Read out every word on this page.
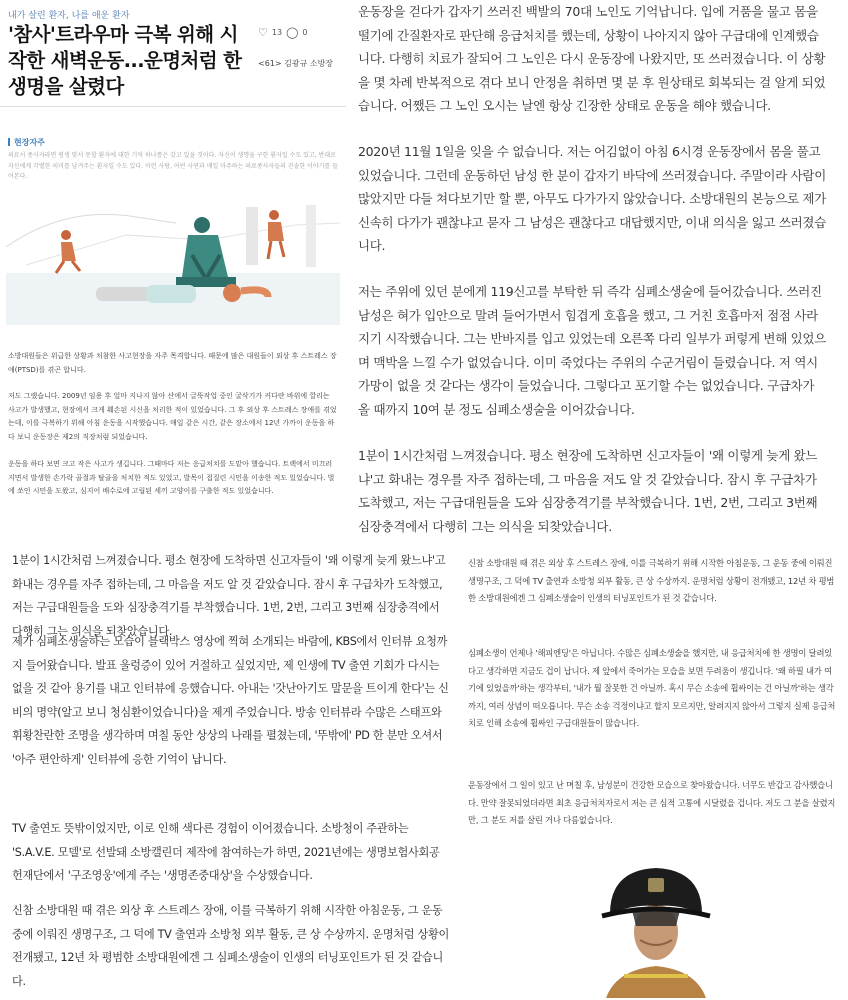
내가 살린 환자, 나를 애운 환자
'참사'트라우마 극복 위해 시작한 새벽운동...운명처럼 한 생명을 살렸다
♡ 13 ◯ 0
<61> 김광규 소방장
현장자주

의료서 종사자라면 평생 맞서 못할 환자에 대한 기억 하나쯤은 갖고 있을 것이다. 자신이 생명을 구한 환자일 수도 있고, 반대로 자신에게 각별한 의미를 남겨주는 환자일 수도 있다. 이런 사람, 어떤 사연과 매일 마주하는 의료종사자들의 진솔한 이야기를 들어본다.

소방대원들은 위급한 상황과 처참한 사고현장을 자주 목격합니다. 때문에 많은 대원들이 외상 후 스트레스 장애(PTSD)를 겪곤 합니다.

저도 그랬습니다. 2009년 임용 후 얼마 지나지 않아 산에서 글뚝작업 중인 굴삭기가 커다란 바위에 깔리는 사고가 발생했고, 현장에서 크게 훼손된 시신을 처리한 적이 있었습니다. 그 후 외상 후 스트레스 장애를 겪었는데, 이를 극복하기 위해 아침 운동을 시작했습니다. 매일 같은 시간, 같은 장소에서 12년 가까이 운동을 하다 보니 운동장은 제2의 직장처럼 되었습니다.

운동을 하다 보면 크고 작은 사고가 생깁니다. 그때마다 저는 응급처치를 도맡아 했습니다. 트랙에서 미끄러지면서 발생한 손가락 골절과 탈골을 처치한 적도 있었고, 발목이 접질린 시민을 이송한 적도 있었습니다. 벌에 쏘인 시민을 도왔고, 심지어 배수로에 고립된 세끼 고양이를 구출한 적도 있었습니다.

운동장을 걷다가 갑자기 쓰러진 백발의 70대 노인도 기억납니다. 입에 거품을 물고 몸을 떨기에 간질환자로 판단해 응급처치를 했는데, 상황이 나아지지 않아 구급대에 인계했습니다. 다행히 치료가 잘되어 그 노인은 다시 운동장에 나왔지만, 또 쓰러졌습니다. 이 상황을 몇 차례 반복적으로 겪다 보니 안정을 취하면 몇 분 후 원상태로 회복되는 걸 알게 되었습니다. 어쨌든 그 노인 오시는 날엔 항상 긴장한 상태로 운동을 해야 했습니다.

2020년 11월 1일을 잊을 수 없습니다. 저는 어김없이 아침 6시경 운동장에서 몸을 풀고 있었습니다. 그런데 운동하던 남성 한 분이 갑자기 바닥에 쓰러졌습니다. 주말이라 사람이 많았지만 다들 쳐다보기만 할 뿐, 아무도 다가가지 않았습니다. 소방대원의 본능으로 제가 신속히 다가가 괜찮냐고 묻자 그 남성은 괜찮다고 대답했지만, 이내 의식을 잃고 쓰러졌습니다.

저는 주위에 있던 분에게 119신고를 부탁한 뒤 즉각 심폐소생술에 들어갔습니다. 쓰러진 남성은 혀가 입안으로 말려 들어가면서 힘겹게 호흡을 했고, 그 거친 호흡마저 점점 사라지기 시작했습니다. 그는 반바지를 입고 있었는데 오른쪽 다리 일부가 퍼렇게 변해 있었으며 맥박을 느낄 수가 없었습니다. 이미 죽었다는 주위의 수군거림이 들렸습니다. 저 역시 가망이 없을 것 같다는 생각이 들었습니다. 그렇다고 포기할 수는 없었습니다. 구급차가 올 때까지 10여 분 정도 심폐소생술을 이어갔습니다.

1분이 1시간처럼 느껴졌습니다. 평소 현장에 도착하면 신고자들이 '왜 이렇게 늦게 왔느냐'고 화내는 경우를 자주 접하는데, 그 마음을 저도 알 것 같았습니다. 잠시 후 구급차가 도착했고, 저는 구급대원들을 도와 심장충격기를 부착했습니다. 1번, 2번, 그리고 3번째 심장충격에서 다행히 그는 의식을 되찾았습니다.

1분이 1시간처럼 느껴졌습니다. 평소 현장에 도착하면 신고자들이 '왜 이렇게 늦게 왔느냐'고 화내는 경우를 자주 접하는데, 그 마음을 저도 알 것 같았습니다. 잠시 후 구급차가 도착했고, 저는 구급대원들을 도와 심장충격기를 부착했습니다. 1번, 2번, 그리고 3번째 심장충격에서 다행히 그는 의식을 되찾았습니다.

제가 심폐소생술하는 모습이 블랙박스 영상에 찍혀 소개되는 바람에, KBS에서 인터뷰 요청까지 들어왔습니다. 발표 울렁증이 있어 거절하고 싶었지만, 제 인생에 TV 출연 기회가 다시는 없을 것 같아 용기를 내고 인터뷰에 응했습니다. 아내는 '갓난아기도 말문을 트이게 한다'는 신비의 명약(알고 보니 청심환이었습니다)을 제게 주었습니다. 방송 인터뷰라 수많은 스태프와 휘황찬란한 조명을 생각하며 며칠 동안 상상의 나래를 펼쳤는데, '뚜밖에' PD 한 분만 오셔서 '아주 편안하게' 인터뷰에 응한 기억이 납니다.

TV 출연도 뜻밖이었지만, 이로 인해 색다른 경험이 이어졌습니다. 소방청이 주관하는 'S.A.V.E. 모델'로 선발돼 소방캘린더 제작에 참여하는가 하면, 2021년에는 생명보험사회공헌재단에서 '구조영웅'에게 주는 '생명존중대상'을 수상했습니다.

신참 소방대원 때 겪은 외상 후 스트레스 장애, 이를 극복하기 위해 시작한 아침운동, 그 운동 중에 이뤄진 생명구조, 그 덕에 TV 출연과 소방청 외부 활동, 큰 상 수상까지. 운명처럼 상황이 전개됐고, 12년 차 평범한 소방대원에겐 그 심폐소생술이 인생의 터닝포인트가 된 것 같습니다.

신참 소방대원 때 겪은 외상 후 스트레스 장애, 이를 극복하기 위해 시작한 아침운동, 그 운동 중에 이뤄진 생명구조, 그 덕에 TV 출연과 소방청 외부 활동, 큰 상 수상까지. 운명처럼 상황이 전개됐고, 12년 차 평범한 소방대원에겐 그 심폐소생술이 인생의 터닝포인트가 된 것 같습니다.

심폐소생이 언제나 '해피엔딩'은 아닙니다. 수많은 심폐소생술을 했지만, 내 응급처치에 한 생명이 달려있다고 생각하면 지금도 겁이 납니다. 제 앞에서 죽어가는 모습을 보면 두려움이 생깁니다. '왜 하필 내가 여기에 있었을까'하는 생각부터, '내가 뭘 잘못한 건 아닐까. 혹시 무슨 소송에 휩싸이는 건 아닐까'하는 생각까지, 여러 상념이 떠오릅니다. 무슨 소송 걱정이냐고 할지 모르지만, 알려지지 않아서 그렇지 실제 응급처치로 인해 소송에 휩싸인 구급대원들이 많습니다.

운동장에서 그 일이 있고 난 며칠 후, 남성분이 건강한 모습으로 찾아왔습니다. 너무도 반갑고 감사했습니다. 만약 잘못되었더라면 최초 응급처치자로서 저는 큰 심적 고통에 시달렸을 겁니다. 저도 그 분을 살렸지만, 그 분도 저를 살린 거나 다름없습니다.
